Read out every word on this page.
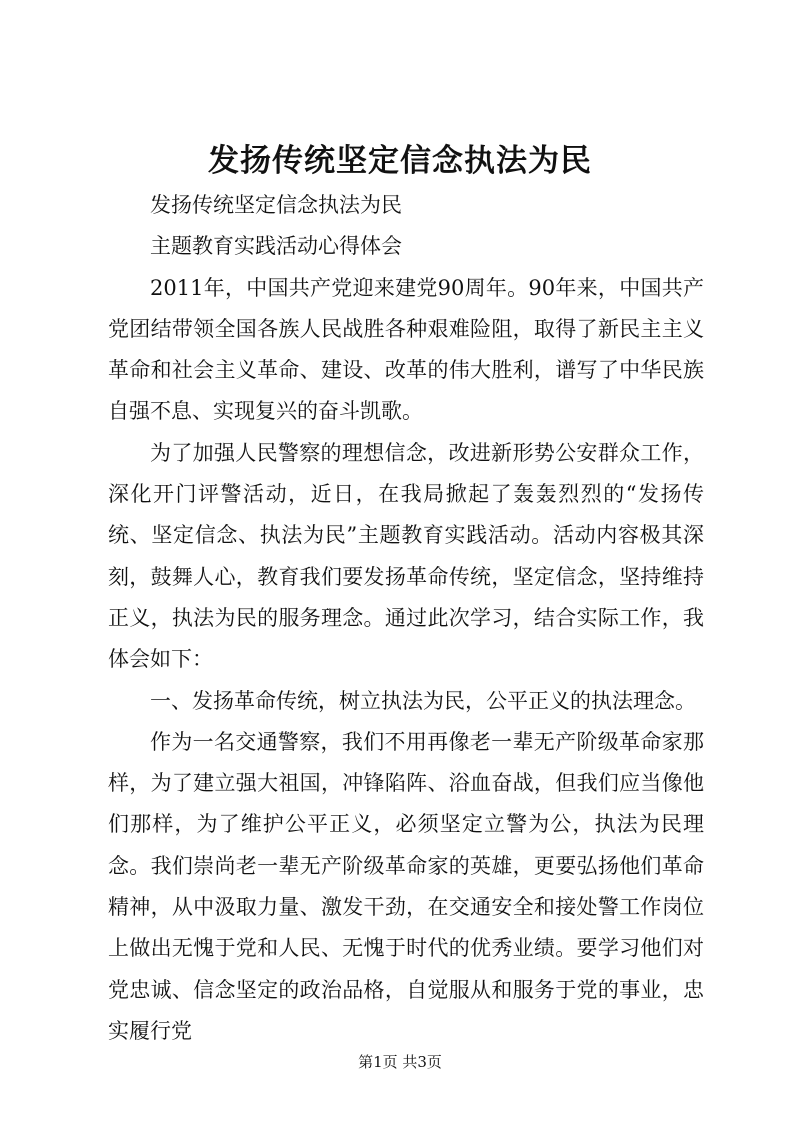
发扬传统坚定信念执法为民

发扬传统坚定信念执法为民

主题教育实践活动心得体会

2011年，中国共产党迎来建党90周年。90年来，中国共产党团结带领全国各族人民战胜各种艰难险阻，取得了新民主主义革命和社会主义革命、建设、改革的伟大胜利，谱写了中华民族自强不息、实现复兴的奋斗凯歌。

为了加强人民警察的理想信念，改进新形势公安群众工作，深化开门评警活动，近日，在我局掀起了轰轰烈烈的“发扬传统、坚定信念、执法为民”主题教育实践活动。活动内容极其深刻，鼓舞人心，教育我们要发扬革命传统，坚定信念，坚持维持正义，执法为民的服务理念。通过此次学习，结合实际工作，我体会如下：

一、发扬革命传统，树立执法为民，公平正义的执法理念。

作为一名交通警察，我们不用再像老一辈无产阶级革命家那样，为了建立强大祖国，冲锋陷阵、浴血奋战，但我们应当像他们那样，为了维护公平正义，必须坚定立警为公，执法为民理念。我们崇尚老一辈无产阶级革命家的英雄，更要弘扬他们革命精神，从中汲取力量、激发干劲，在交通安全和接处警工作岗位上做出无愧于党和人民、无愧于时代的优秀业绩。要学习他们对党忠诚、信念坚定的政治品格，自觉服从和服务于党的事业，忠实履行党

第1页 共3页
